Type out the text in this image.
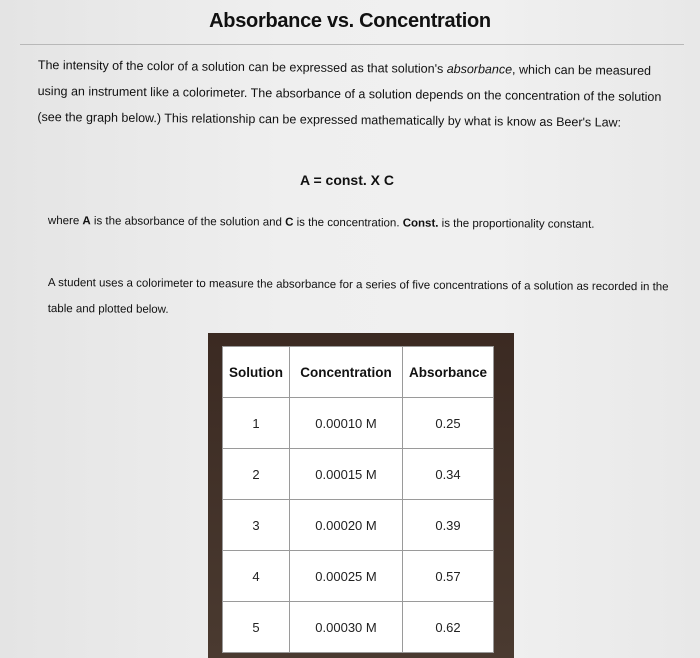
Absorbance vs. Concentration
The intensity of the color of a solution can be expressed as that solution's absorbance, which can be measured using an instrument like a colorimeter. The absorbance of a solution depends on the concentration of the solution (see the graph below.) This relationship can be expressed mathematically by what is know as Beer's Law:
A = const. X C
where A is the absorbance of the solution and C is the concentration. Const. is the proportionality constant.
A student uses a colorimeter to measure the absorbance for a series of five concentrations of a solution as recorded in the table and plotted below.
Solution	Concentration	Absorbance
1	0.00010 M	0.25
2	0.00015 M	0.34
3	0.00020 M	0.39
4	0.00025 M	0.57
5	0.00030 M	0.62
